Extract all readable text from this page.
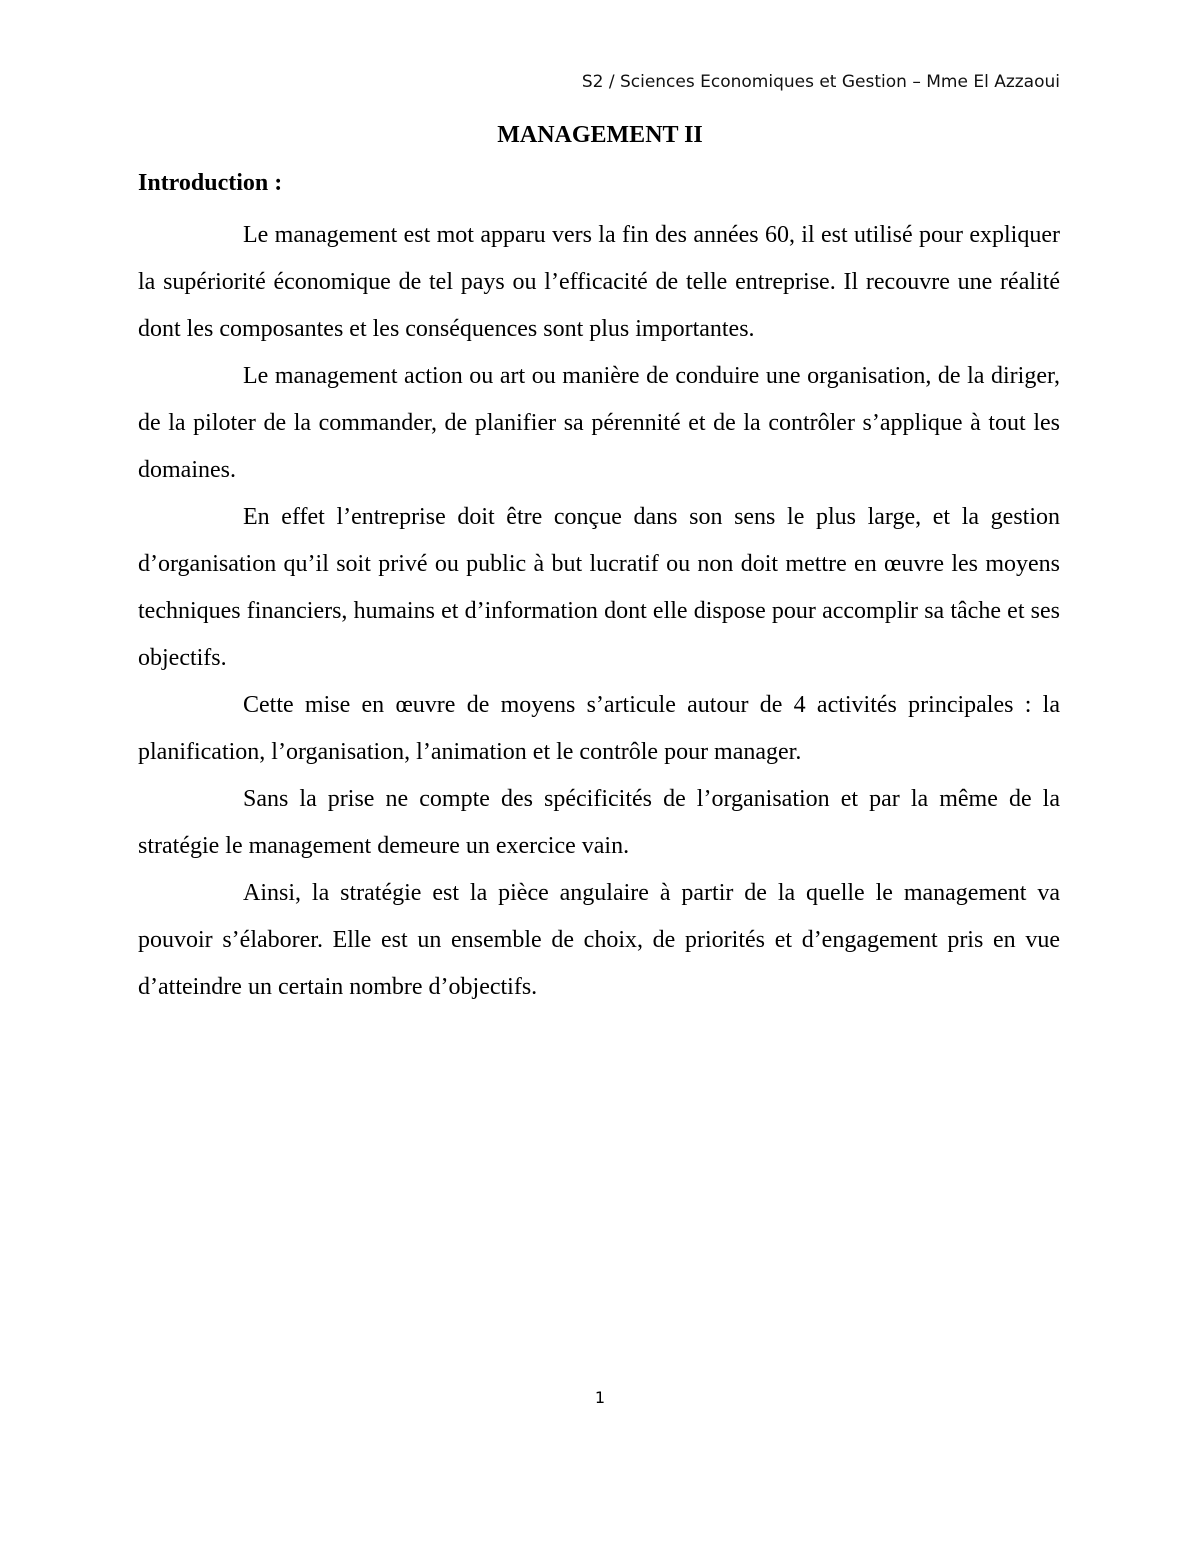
S2 / Sciences Economiques et Gestion – Mme El Azzaoui
MANAGEMENT II
Introduction :

Le management est mot apparu vers la fin des années 60, il est utilisé pour expliquer la supériorité économique de tel pays ou l’efficacité de telle entreprise. Il recouvre une réalité dont les composantes et les conséquences sont plus importantes.

Le management action ou art ou manière de conduire une organisation, de la diriger, de la piloter de la commander, de planifier sa pérennité et de la contrôler s’applique à tout les domaines.

En effet l’entreprise doit être conçue dans son sens le plus large, et la gestion d’organisation qu’il soit privé ou public à but lucratif ou non doit mettre en œuvre les moyens techniques financiers, humains et d’information dont elle dispose pour accomplir sa tâche et ses objectifs.

Cette mise en œuvre de moyens s’articule autour de 4 activités principales : la planification, l’organisation, l’animation et le contrôle pour manager.

Sans la prise ne compte des spécificités de l’organisation et par la même de la stratégie le management demeure un exercice vain.

Ainsi, la stratégie est la pièce angulaire à partir de la quelle le management va pouvoir s’élaborer. Elle est un ensemble de choix, de priorités et d’engagement pris en vue d’atteindre un certain nombre d’objectifs.

1
